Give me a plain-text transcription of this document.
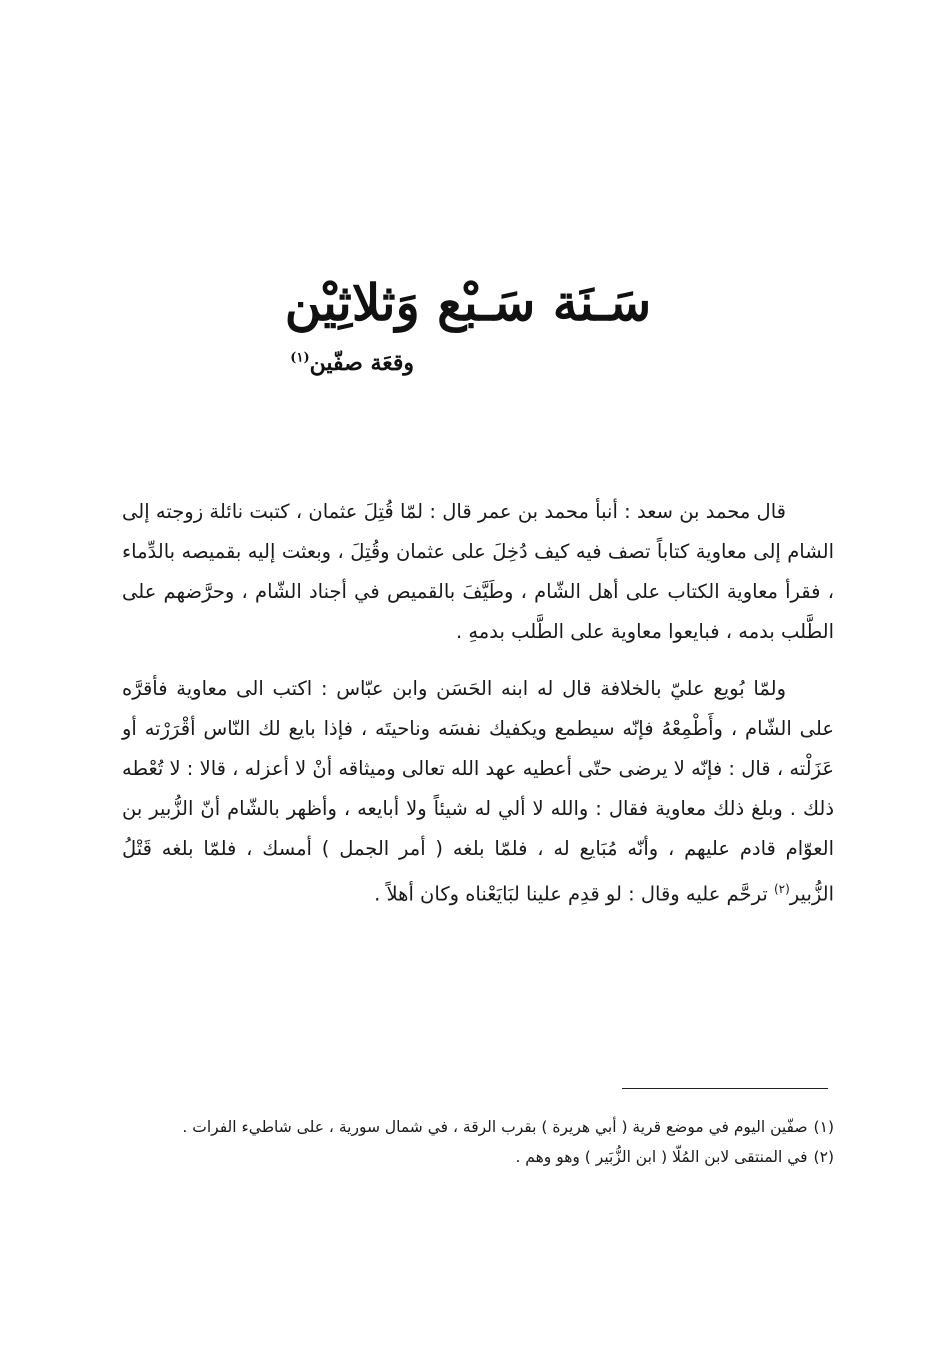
سَـنَة سَـبْع وَثلاثِيْن
وقعَة صفّين$^{(١)}$

قال محمد بن سعد : أنبأ محمد بن عمر قال : لمّا قُتِلَ عثمان ، كتبت نائلة زوجته إلى الشام إلى معاوية كتاباً تصف فيه كيف دُخِلَ على عثمان وقُتِلَ ، وبعثت إليه بقميصه بالدِّماء ، فقرأ معاوية الكتاب على أهل الشّام ، وطَيَّفَ بالقميص في أجناد الشّام ، وحرَّضهم على الطَّلب بدمه ، فبايعوا معاوية على الطَّلب بدمهِ .

ولمّا بُويع عليّ بالخلافة قال له ابنه الحَسَن وابن عبّاس : اكتب الى معاوية فأقرَّه على الشّام ، وأَطْمِعْهُ فإنّه سيطمع ويكفيك نفسَه وناحيتَه ، فإذا بايع لك النّاس أقْرَرْته أو عَزَلْته ، قال : فإنّه لا يرضى حتّى أعطيه عهد الله تعالى وميثاقه أنْ لا أعزله ، قالا : لا تُعْطه ذلك . وبلغ ذلك معاوية فقال : والله لا ألي له شيئاً ولا أبايعه ، وأظهر بالشّام أنّ الزُّبير بن العوّام قادم عليهم ، وأنّه مُبَايع له ، فلمّا بلغه ( أمر الجمل ) أمسك ، فلمّا بلغه قَتْلُ الزُّبير$^{(٢)}$ ترحَّم عليه وقال : لو قدِم علينا لبَايَعْناه وكان أهلاً .

(١)صفّين اليوم في موضع قرية ( أبي هريرة ) بقرب الرقة ، في شمال سورية ، على شاطيء الفرات .

(٢)في المنتقى لابن المُلّا ( ابن الزُّبَير ) وهو وهم .
